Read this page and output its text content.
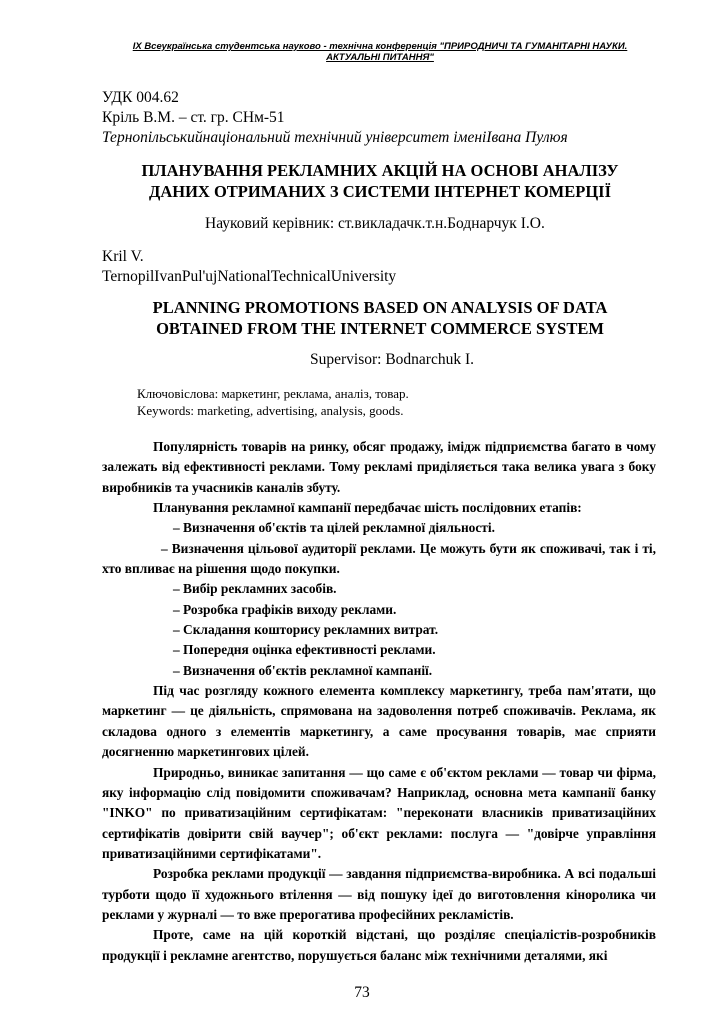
IX Всеукраїнська студентська науково - технічна конференція "ПРИРОДНИЧІ ТА ГУМАНІТАРНІ НАУКИ.
АКТУАЛЬНІ ПИТАННЯ"
УДК 004.62
Кріль В.М. – ст. гр. СНм-51
Тернопільськийнаціональний технічний університет іменіІвана Пулюя
ПЛАНУВАННЯ РЕКЛАМНИХ АКЦІЙ НА ОСНОВІ АНАЛІЗУ
ДАНИХ ОТРИМАНИХ З СИСТЕМИ ІНТЕРНЕТ КОМЕРЦІЇ
Науковий керівник: ст.викладачк.т.н.Боднарчук І.О.
Kril V.
TernopilIvanPul'ujNationalTechnicalUniversity
PLANNING PROMOTIONS BASED ON ANALYSIS OF DATA
OBTAINED FROM THE INTERNET COMMERCE SYSTEM
Supervisor: Bodnarchuk I.
Ключовіслова: маркетинг, реклама, аналіз, товар.
Keywords: marketing, advertising, analysis, goods.

Популярність товарів на ринку, обсяг продажу, імідж підприємства багато в чому залежать від ефективності реклами. Тому рекламі приділяється така велика увага з боку виробників та учасників каналів збуту.

Планування рекламної кампанії передбачає шість послідовних етапів:

– Визначення об'єктів та цілей рекламної діяльності.

– Визначення цільової аудиторії реклами. Це можуть бути як споживачі, так і ті, хто впливає на рішення щодо покупки.

– Вибір рекламних засобів.

– Розробка графіків виходу реклами.

– Складання кошторису рекламних витрат.

– Попередня оцінка ефективності реклами.

– Визначення об'єктів рекламної кампанії.

Під час розгляду кожного елемента комплексу маркетингу, треба пам'ятати, що маркетинг — це діяльність, спрямована на задоволення потреб споживачів. Реклама, як складова одного з елементів маркетингу, а саме просування товарів, має сприяти досягненню маркетингових цілей.

Природньо, виникає запитання — що саме є об'єктом реклами — товар чи фірма, яку інформацію слід повідомити споживачам? Наприклад, основна мета кампанії банку "INKO" по приватизаційним сертифікатам: "переконати власників приватизаційних сертифікатів довірити свій ваучер"; об'єкт реклами: послуга — "довірче управління приватизаційними сертифікатами".

Розробка реклами продукції — завдання підприємства-виробника. А всі подальші турботи щодо її художнього втілення — від пошуку ідеї до виготовлення кіноролика чи реклами у журналі — то вже прерогатива професійних рекламістів.

Проте, саме на цій короткій відстані, що розділяє спеціалістів-розробників продукції і рекламне агентство, порушується баланс між технічними деталями, які

73
